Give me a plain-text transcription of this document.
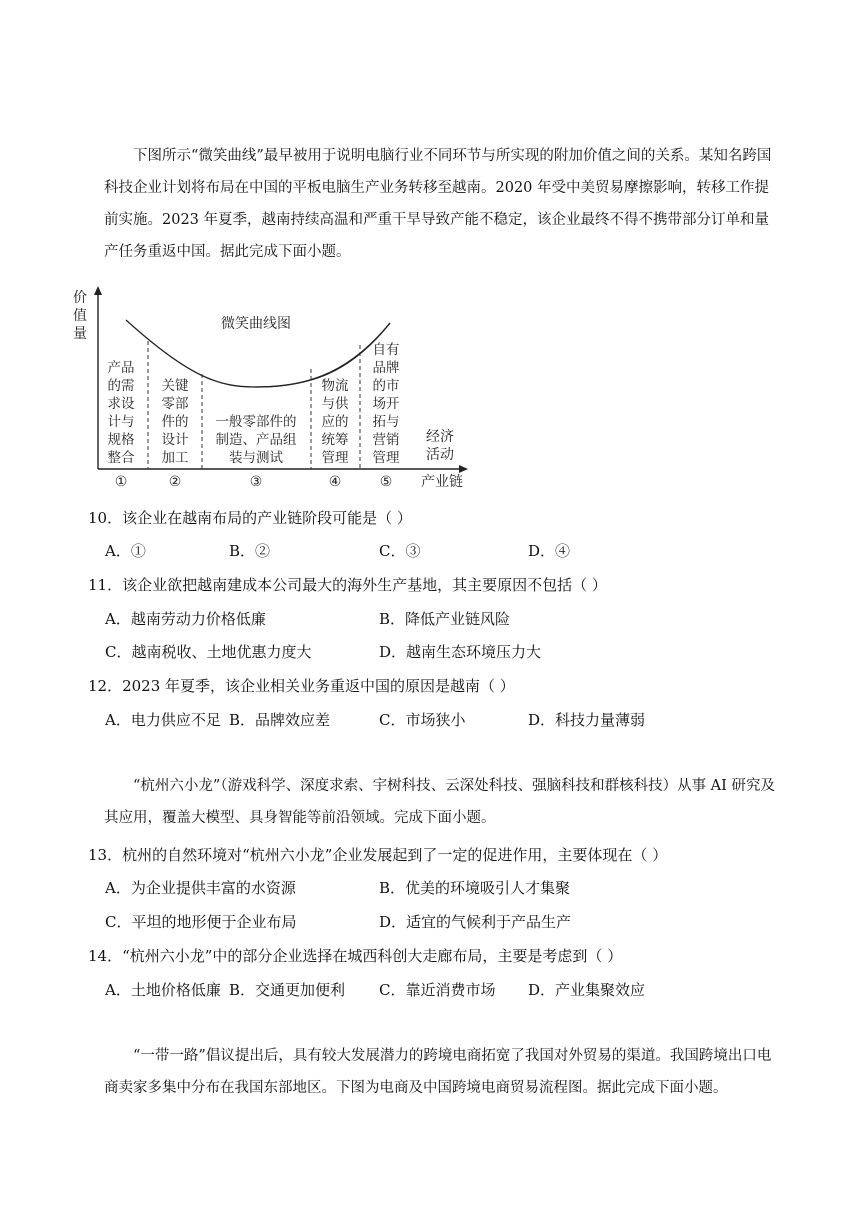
下图所示“微笑曲线”最早被用于说明电脑行业不同环节与所实现的附加价值之间的关系。某知名跨国科技企业计划将布局在中国的平板电脑生产业务转移至越南。2020 年受中美贸易摩擦影响，转移工作提前实施。2023 年夏季，越南持续高温和严重干旱导致产能不稳定，该企业最终不得不携带部分订单和量产任务重返中国。据此完成下面小题。
价
值
量
微笑曲线图
产品
的需
求设
计与
规格
整合
①
关键
零部
件的
设计
加工
②
一般零部件的
制造、产品组
装与测试
③
物流
与供
应的
统筹
管理
④
自有
品牌
的市
场开
拓与
营销
管理
⑤
经济
活动
产业链
10．该企业在越南布局的产业链阶段可能是（ ）
A．①	B．②	C．③	D．④
11．该企业欲把越南建成本公司最大的海外生产基地，其主要原因不包括（ ）
A．越南劳动力价格低廉	B．降低产业链风险
C．越南税收、土地优惠力度大	D．越南生态环境压力大
12．2023 年夏季，该企业相关业务重返中国的原因是越南（ ）
A．电力供应不足 B．品牌效应差	C．市场狭小	D．科技力量薄弱
“杭州六小龙”（游戏科学、深度求索、宇树科技、云深处科技、强脑科技和群核科技）从事 AI 研究及其应用，覆盖大模型、具身智能等前沿领域。完成下面小题。
13．杭州的自然环境对“杭州六小龙”企业发展起到了一定的促进作用，主要体现在（ ）
A．为企业提供丰富的水资源	B．优美的环境吸引人才集聚
C．平坦的地形便于企业布局	D．适宜的气候利于产品生产
14．“杭州六小龙”中的部分企业选择在城西科创大走廊布局，主要是考虑到（ ）
A．土地价格低廉 B．交通更加便利 C．靠近消费市场 D．产业集聚效应
“一带一路”倡议提出后，具有较大发展潜力的跨境电商拓宽了我国对外贸易的渠道。我国跨境出口电商卖家多集中分布在我国东部地区。下图为电商及中国跨境电商贸易流程图。据此完成下面小题。
